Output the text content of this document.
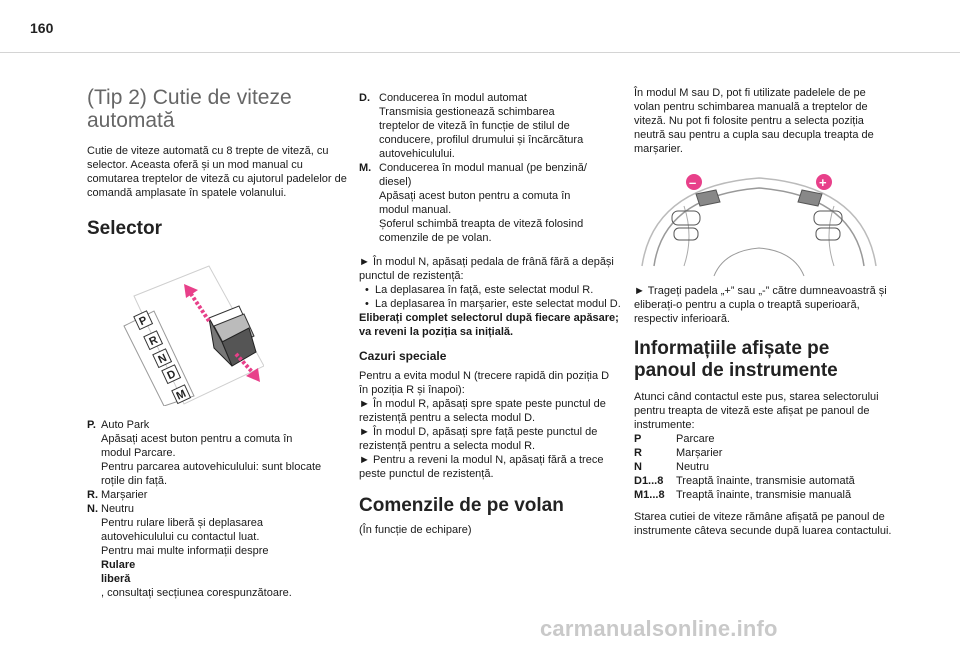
160
(Tip 2) Cutie de viteze automată

Cutie de viteze automată cu 8 trepte de viteză, cu selector. Aceasta oferă și un mod manual cu comutarea treptelor de viteză cu ajutorul padelelor de comandă amplasate în spatele volanului.

Selector
P
R
N
D
M
P. Auto Park
Apăsați acest buton pentru a comuta în
modul Parcare.
Pentru parcarea autovehiculului: sunt blocate
roțile din față.
R. Marșarier
N. Neutru
Pentru rulare liberă și deplasarea
autovehiculului cu contactul luat.
Pentru mai multe informații despre
Rulare
liberă
, consultați secțiunea corespunzătoare.
D. Conducerea în modul automat
Transmisia gestionează schimbarea
treptelor de viteză în funcție de stilul de
conducere, profilul drumului și încărcătura
autovehiculului.
M. Conducerea în modul manual (pe benzină/
diesel)
Apăsați acest buton pentru a comuta în
modul manual.
Șoferul schimbă treapta de viteză folosind
comenzile de pe volan.

► În modul N, apăsați pedala de frână fără a depăși punctul de rezistență:

• La deplasarea în față, este selectat modul R.
• La deplasarea în marșarier, este selectat modul D.

Eliberați complet selectorul după fiecare apăsare; va reveni la poziția sa inițială.

Cazuri speciale

Pentru a evita modul N (trecere rapidă din poziția D în poziția R și înapoi):

► În modul R, apăsați spre spate peste punctul de rezistență pentru a selecta modul D.

► În modul D, apăsați spre față peste punctul de rezistență pentru a selecta modul R.

► Pentru a reveni la modul N, apăsați fără a trece peste punctul de rezistență.

Comenzile de pe volan

(În funcție de echipare)

În modul M sau D, pot fi utilizate padelele de pe volan pentru schimbarea manuală a treptelor de viteză. Nu pot fi folosite pentru a selecta poziția neutră sau pentru a cupla sau decupla treapta de marșarier.

–	+

► Trageți padela „+” sau „-” către dumneavoastră și eliberați-o pentru a cupla o treaptă superioară, respectiv inferioară.

Informațiile afișate pe panoul de instrumente

Atunci când contactul este pus, starea selectorului pentru treapta de viteză este afișat pe panoul de instrumente:

P	Parcare
R	Marșarier
N	Neutru
D1...8	Treaptă înainte, transmisie automată
M1...8	Treaptă înainte, transmisie manuală

Starea cutiei de viteze rămâne afișată pe panoul de instrumente câteva secunde după luarea contactului.

carmanualsonline.info
